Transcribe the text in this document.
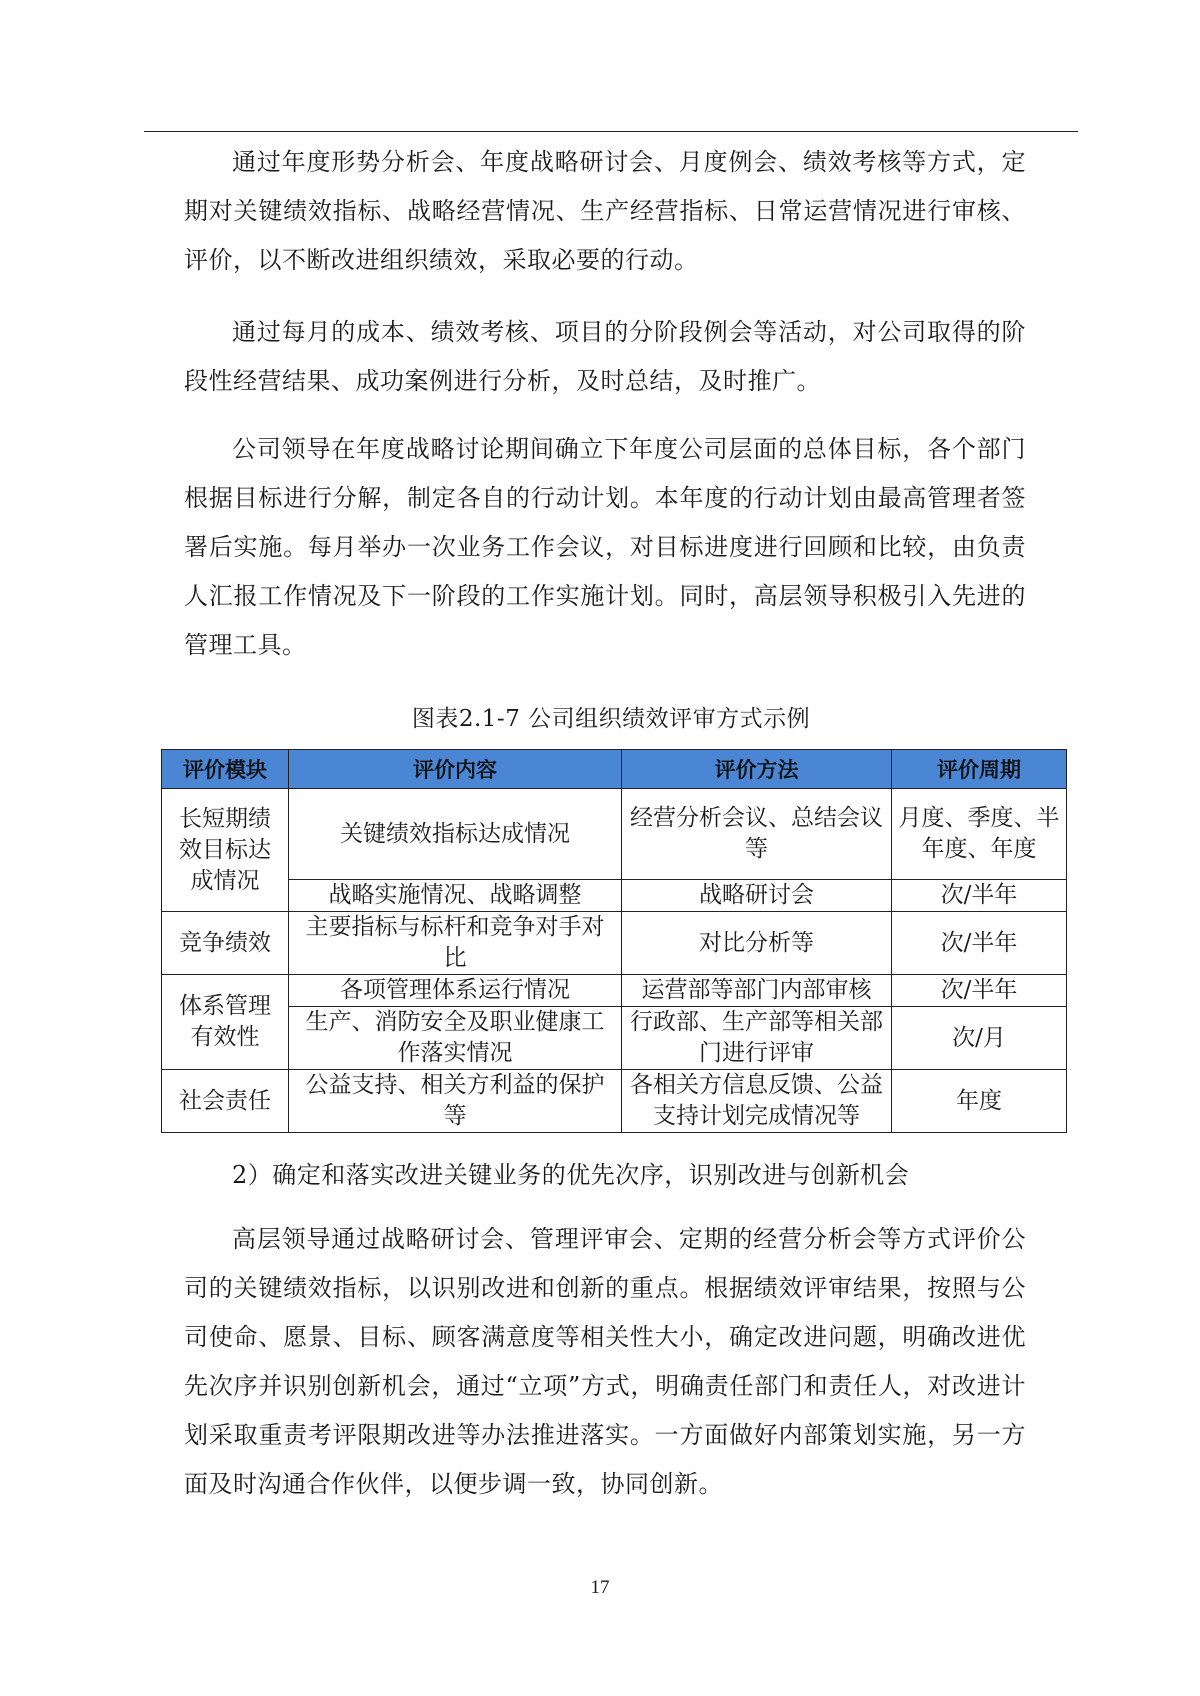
通过年度形势分析会、年度战略研讨会、月度例会、绩效考核等方式，定期对关键绩效指标、战略经营情况、生产经营指标、日常运营情况进行审核、评价，以不断改进组织绩效，采取必要的行动。

通过每月的成本、绩效考核、项目的分阶段例会等活动，对公司取得的阶段性经营结果、成功案例进行分析，及时总结，及时推广。

公司领导在年度战略讨论期间确立下年度公司层面的总体目标，各个部门根据目标进行分解，制定各自的行动计划。本年度的行动计划由最高管理者签署后实施。每月举办一次业务工作会议，对目标进度进行回顾和比较，由负责人汇报工作情况及下一阶段的工作实施计划。同时，高层领导积极引入先进的管理工具。

图表2.1-7 公司组织绩效评审方式示例
评价模块	评价内容	评价方法	评价周期
长短期绩效目标达成情况	关键绩效指标达成情况	经营分析会议、总结会议等	月度、季度、半年度、年度
	战略实施情况、战略调整	战略研讨会	次/半年
竞争绩效	主要指标与标杆和竞争对手对比	对比分析等	次/半年
体系管理有效性	各项管理体系运行情况	运营部等部门内部审核	次/半年
	生产、消防安全及职业健康工作落实情况	行政部、生产部等相关部门进行评审	次/月
社会责任	公益支持、相关方利益的保护等	各相关方信息反馈、公益支持计划完成情况等	年度
2）确定和落实改进关键业务的优先次序，识别改进与创新机会

高层领导通过战略研讨会、管理评审会、定期的经营分析会等方式评价公司的关键绩效指标，以识别改进和创新的重点。根据绩效评审结果，按照与公司使命、愿景、目标、顾客满意度等相关性大小，确定改进问题，明确改进优先次序并识别创新机会，通过“立项”方式，明确责任部门和责任人，对改进计划采取重责考评限期改进等办法推进落实。一方面做好内部策划实施，另一方面及时沟通合作伙伴，以便步调一致，协同创新。

17
